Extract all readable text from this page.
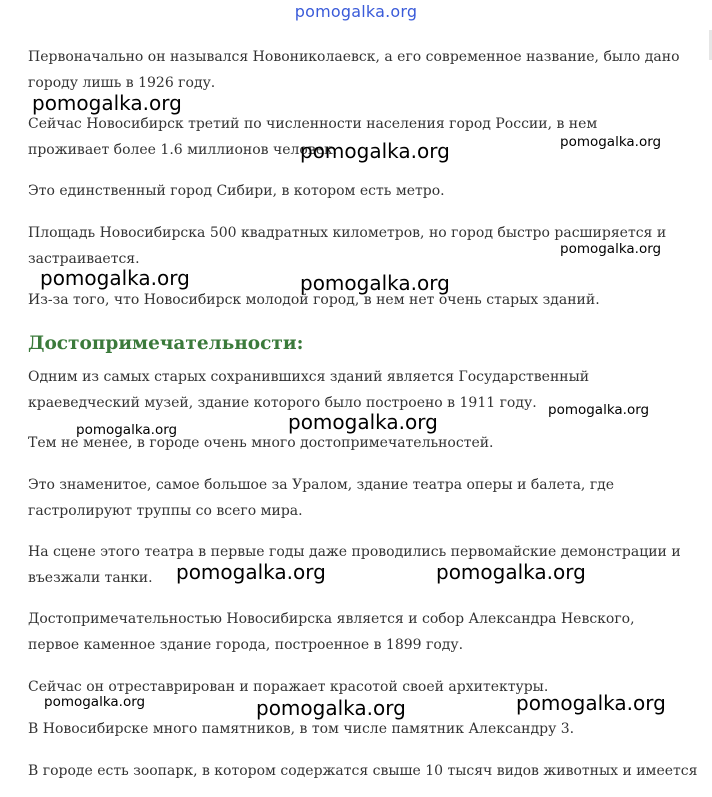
pomogalka.org

Первоначально он назывался Новониколаевск, а его современное название, было дано городу лишь в 1926 году.

Сейчас Новосибирск третий по численности населения город России, в нем проживает более 1.6 миллионов человек.

Это единственный город Сибири, в котором есть метро.

Площадь Новосибирска 500 квадратных километров, но город быстро расширяется и застраивается.

Из-за того, что Новосибирск молодой город, в нем нет очень старых зданий.

Достопримечательности:

Одним из самых старых сохранившихся зданий является Государственный краеведческий музей, здание которого было построено в 1911 году.

Тем не менее, в городе очень много достопримечательностей.

Это знаменитое, самое большое за Уралом, здание театра оперы и балета, где гастролируют труппы со всего мира.

На сцене этого театра в первые годы даже проводились первомайские демонстрации и въезжали танки.

Достопримечательностью Новосибирска является и собор Александра Невского, первое каменное здание города, построенное в 1899 году.

Сейчас он отреставрирован и поражает красотой своей архитектуры.

В Новосибирске много памятников, в том числе памятник Александру 3.

В городе есть зоопарк, в котором содержатся свыше 10 тысяч видов животных и имеется

pomogalka.org
pomogalka.org	pomogalka.org
pomogalka.org
pomogalka.org	pomogalka.org
pomogalka.org	pomogalka.org
pomogalka.org
pomogalka.org	pomogalka.org
pomogalka.org
pomogalka.org	pomogalka.org
